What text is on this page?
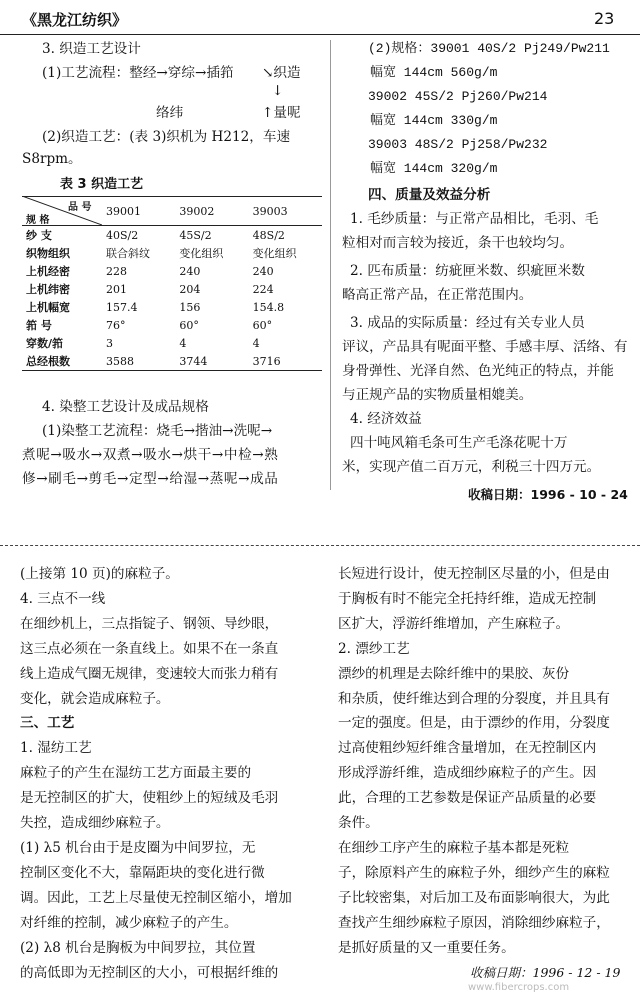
《黑龙江纺织》	23
3. 织造工艺设计
(1)工艺流程：整经→穿综→插筘 ↘织造
↓
络纬	↑量呢
(2)织造工艺：(表 3)织机为 H212，车速
S8rpm。
表 3 织造工艺
品 号
规 格	39001	39002	39003
纱 支	40S/2	45S/2	48S/2
织物组织	联合斜纹	变化组织	变化组织
上机经密	228	240	240
上机纬密	201	204	224
上机幅宽	157.4	156	154.8
筘 号	76°	60°	60°
穿数/筘	3	4	4
总经根数	3588	3744	3716
4. 染整工艺设计及成品规格
(1)染整工艺流程：烧毛→揩油→洗呢→
煮呢→吸水→双煮→吸水→烘干→中检→熟
修→刷毛→剪毛→定型→给湿→蒸呢→成品
(2)规格：39001 40S/2 Pj249/Pw211
幅宽 144cm 560g/m
39002 45S/2 Pj260/Pw214
幅宽 144cm 330g/m
39003 48S/2 Pj258/Pw232
幅宽 144cm 320g/m
四、质量及效益分析
1. 毛纱质量：与正常产品相比，毛羽、毛
粒相对而言较为接近，条干也较均匀。
2. 匹布质量：纺疵匣米数、织疵匣米数
略高正常产品，在正常范围内。
3. 成品的实际质量：经过有关专业人员
评议，产品具有呢面平整、手感丰厚、活络、有
身骨弹性、光泽自然、色光纯正的特点，并能
与正规产品的实物质量相媲美。
4. 经济效益
四十吨风箱毛条可生产毛涤花呢十万
米，实现产值二百万元，利税三十四万元。
收稿日期：1996 - 10 - 24
(上接第 10 页)的麻粒子。
4. 三点不一线
在细纱机上，三点指锭子、钢领、导纱眼，
这三点必须在一条直线上。如果不在一条直
线上造成气圈无规律，变速较大而张力稍有
变化，就会造成麻粒子。
三、工艺
1. 湿纺工艺
麻粒子的产生在湿纺工艺方面最主要的
是无控制区的扩大，使粗纱上的短绒及毛羽
失控，造成细纱麻粒子。
(1) λ5 机台由于是皮圈为中间罗拉，无
控制区变化不大，靠隔距块的变化进行微
调。因此，工艺上尽量使无控制区缩小，增加
对纤维的控制，减少麻粒子的产生。
(2) λ8 机台是胸板为中间罗拉，其位置
的高低即为无控制区的大小，可根据纤维的
长短进行设计，使无控制区尽量的小，但是由
于胸板有时不能完全托持纤维，造成无控制
区扩大，浮游纤维增加，产生麻粒子。
2. 漂纱工艺
漂纱的机理是去除纤维中的果胶、灰份
和杂质，使纤维达到合理的分裂度，并且具有
一定的强度。但是，由于漂纱的作用，分裂度
过高使粗纱短纤维含量增加，在无控制区内
形成浮游纤维，造成细纱麻粒子的产生。因
此，合理的工艺参数是保证产品质量的必要
条件。
在细纱工序产生的麻粒子基本都是死粒
子，除原料产生的麻粒子外，细纱产生的麻粒
子比较密集，对后加工及布面影响很大，为此
查找产生细纱麻粒子原因，消除细纱麻粒子，
是抓好质量的又一重要任务。
收稿日期：1996 - 12 - 19
www.fibercrops.com
